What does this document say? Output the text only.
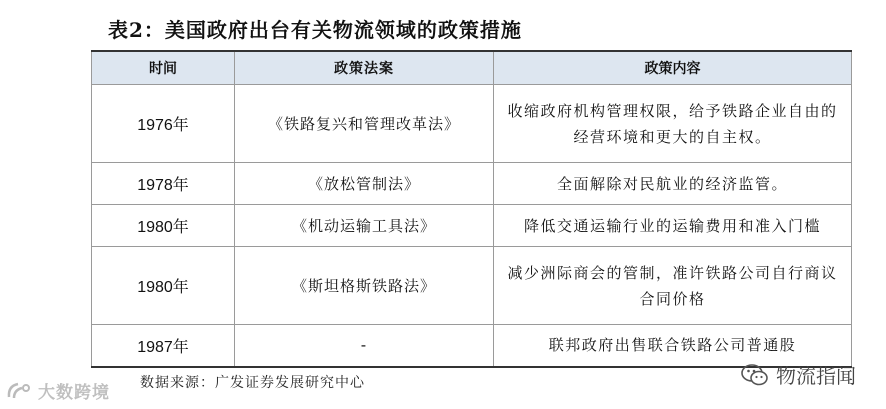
表2：美国政府出台有关物流领域的政策措施
时间	政策法案	政策内容
1976年	《铁路复兴和管理改革法》	收缩政府机构管理权限，给予铁路企业自由的
经营环境和更大的自主权。

1978年	《放松管制法》	全面解除对民航业的经济监管。

1980年	《机动运输工具法》	降低交通运输行业的运输费用和准入门槛

1980年	《斯坦格斯铁路法》	减少洲际商会的管制，准许铁路公司自行商议
合同价格

1987年	-	联邦政府出售联合铁路公司普通股
数据来源：广发证券发展研究中心
大数跨境
物流指闻
